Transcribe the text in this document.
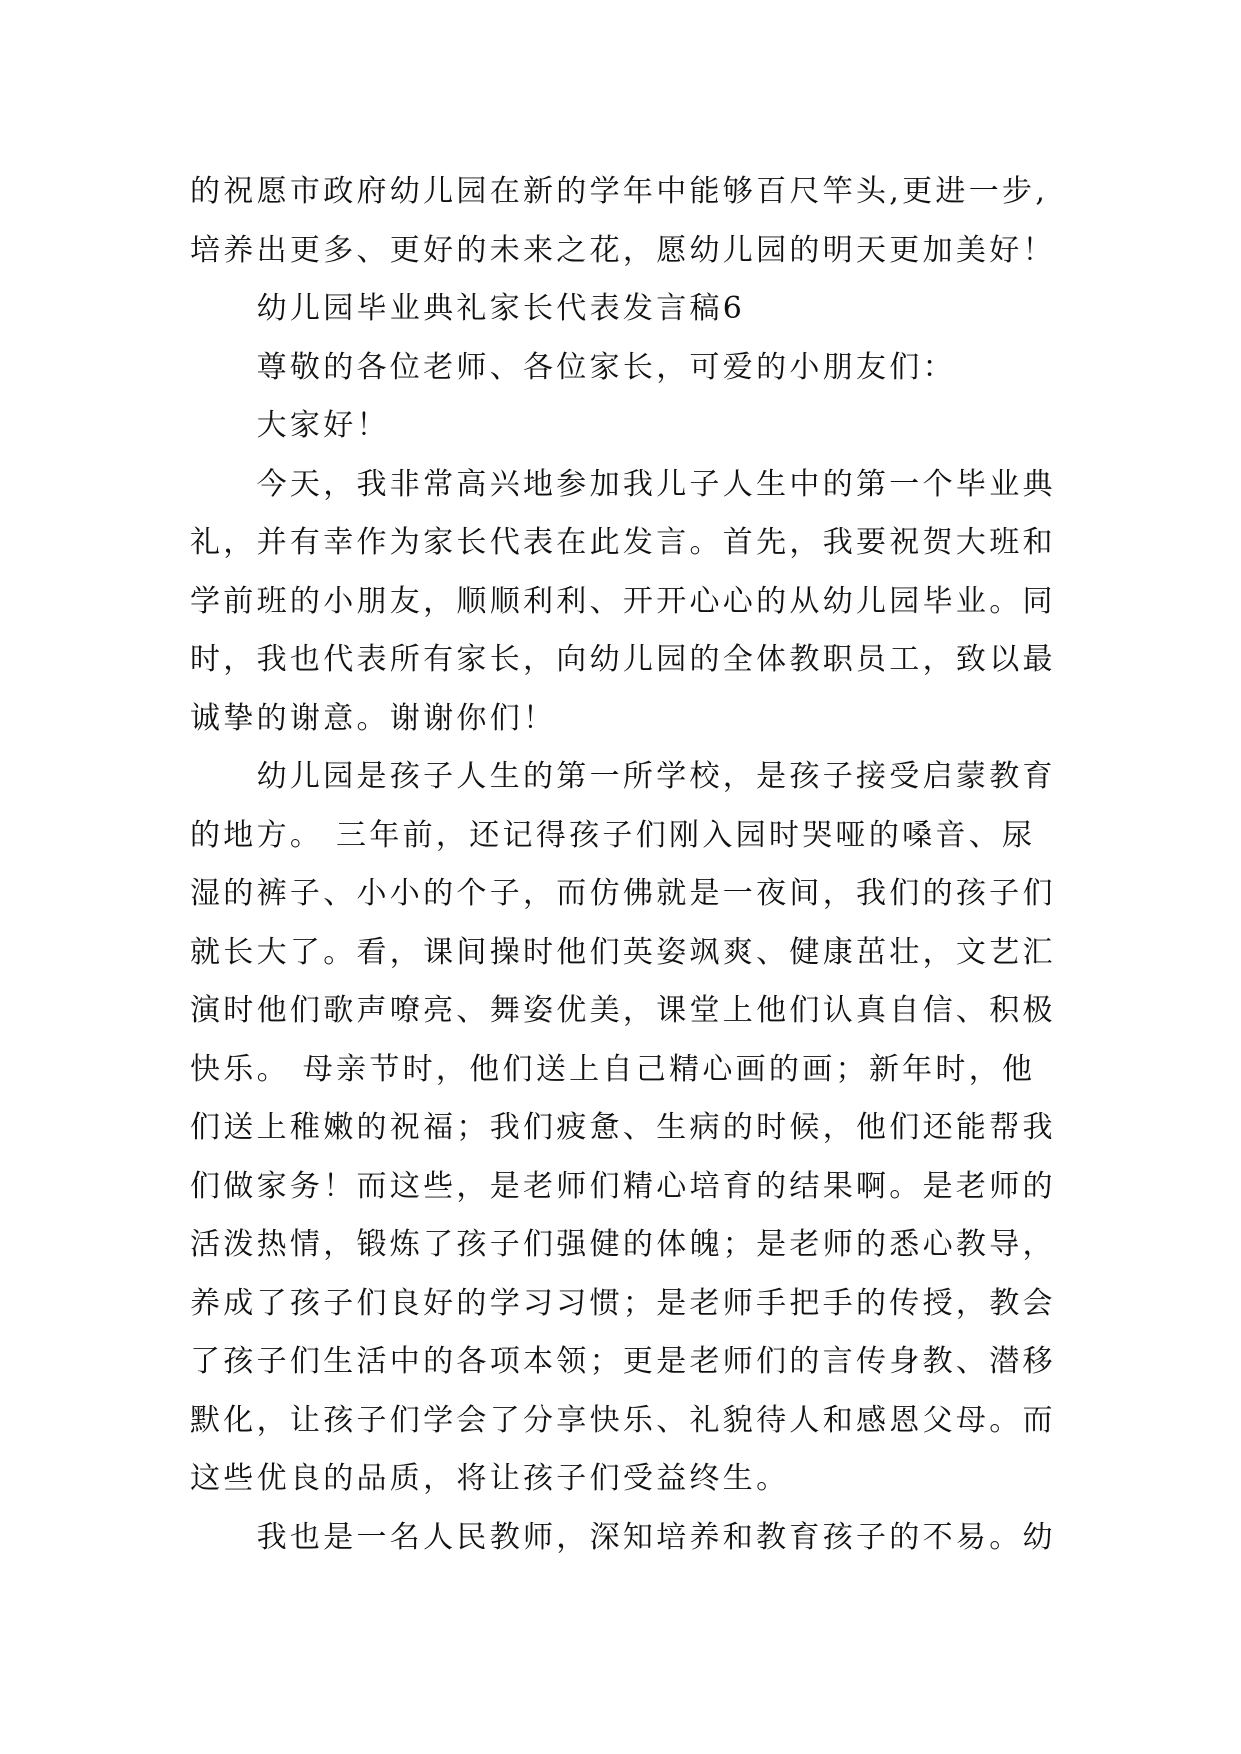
的祝愿市政府幼儿园在新的学年中能够百尺竿头,更进一步,
培养出更多、更好的未来之花，愿幼儿园的明天更加美好！
幼儿园毕业典礼家长代表发言稿6
尊敬的各位老师、各位家长，可爱的小朋友们：
大家好！
今天，我非常高兴地参加我儿子人生中的第一个毕业典
礼，并有幸作为家长代表在此发言。首先，我要祝贺大班和
学前班的小朋友，顺顺利利、开开心心的从幼儿园毕业。同
时，我也代表所有家长，向幼儿园的全体教职员工，致以最
诚挚的谢意。谢谢你们！
幼儿园是孩子人生的第一所学校，是孩子接受启蒙教育
的地方。 三年前，还记得孩子们刚入园时哭哑的嗓音、尿
湿的裤子、小小的个子，而仿佛就是一夜间，我们的孩子们
就长大了。看，课间操时他们英姿飒爽、健康茁壮，文艺汇
演时他们歌声嘹亮、舞姿优美，课堂上他们认真自信、积极
快乐。 母亲节时，他们送上自己精心画的画；新年时，他
们送上稚嫩的祝福；我们疲惫、生病的时候，他们还能帮我
们做家务！而这些，是老师们精心培育的结果啊。是老师的
活泼热情，锻炼了孩子们强健的体魄；是老师的悉心教导，
养成了孩子们良好的学习习惯；是老师手把手的传授，教会
了孩子们生活中的各项本领；更是老师们的言传身教、潜移
默化，让孩子们学会了分享快乐、礼貌待人和感恩父母。而
这些优良的品质，将让孩子们受益终生。
我也是一名人民教师，深知培养和教育孩子的不易。幼
